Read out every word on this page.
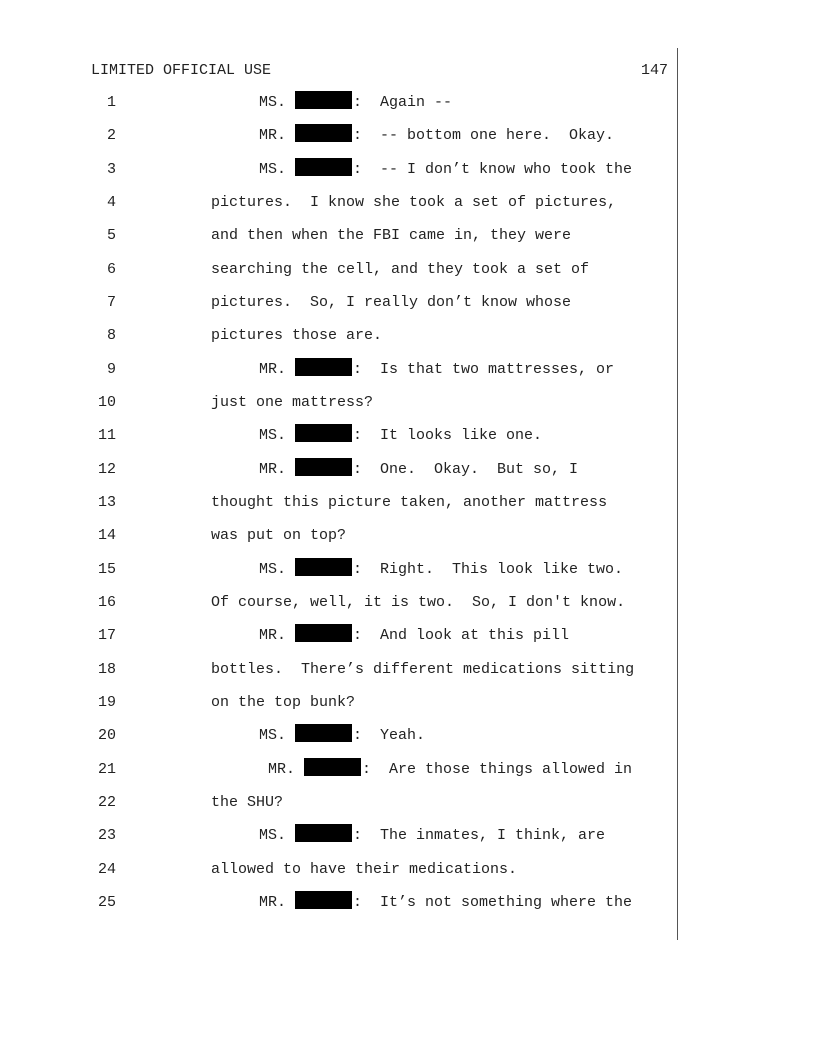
LIMITED OFFICIAL USE	147
1	MS.	:  Again --
2	MR.	:  -- bottom one here.  Okay.
3	MS.	:  -- I don’t know who took the
4	pictures.  I know she took a set of pictures,
5	and then when the FBI came in, they were
6	searching the cell, and they took a set of
7	pictures.  So, I really don’t know whose
8	pictures those are.
9	MR.	:  Is that two mattresses, or
10	just one mattress?
11	MS.	:  It looks like one.
12	MR.	:  One.  Okay.  But so, I
13	thought this picture taken, another mattress
14	was put on top?
15	MS.	:  Right.  This look like two.
16	Of course, well, it is two.  So, I don't know.
17	MR.	:  And look at this pill
18	bottles.  There’s different medications sitting
19	on the top bunk?
20	MS.	:  Yeah.
21	MR.	:  Are those things allowed in
22	the SHU?
23	MS.	:  The inmates, I think, are
24	allowed to have their medications.
25	MR.	:  It’s not something where the
